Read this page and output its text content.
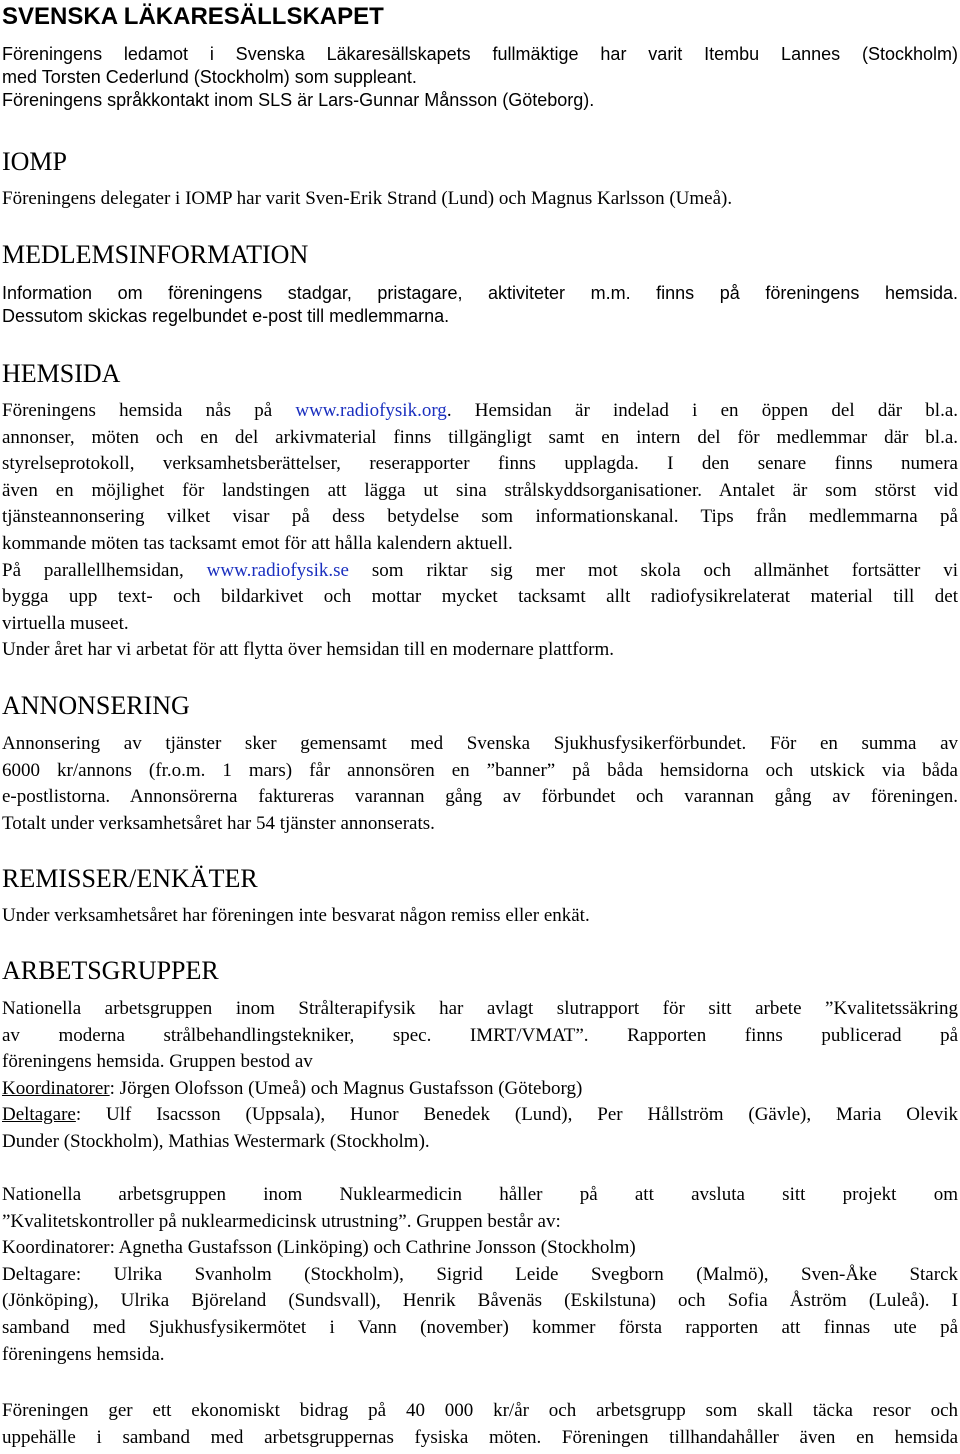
SVENSKA LÄKARESÄLLSKAPET
Föreningens ledamot i Svenska Läkaresällskapets fullmäktige har varit Itembu Lannes (Stockholm)
med Torsten Cederlund (Stockholm) som suppleant.
Föreningens språkkontakt inom SLS är Lars-Gunnar Månsson (Göteborg).
IOMP
Föreningens delegater i IOMP har varit Sven-Erik Strand (Lund) och Magnus Karlsson (Umeå).
MEDLEMSINFORMATION
Information om föreningens stadgar, pristagare, aktiviteter m.m. finns på föreningens hemsida.
Dessutom skickas regelbundet e-post till medlemmarna.
HEMSIDA
Föreningens hemsida nås på www.radiofysik.org. Hemsidan är indelad i en öppen del där bl.a.
annonser, möten och en del arkivmaterial finns tillgängligt samt en intern del för medlemmar där bl.a.
styrelseprotokoll, verksamhetsberättelser, reserapporter finns upplagda. I den senare finns numera
även en möjlighet för landstingen att lägga ut sina strålskyddsorganisationer. Antalet är som störst vid
tjänsteannonsering vilket visar på dess betydelse som informationskanal. Tips från medlemmarna på
kommande möten tas tacksamt emot för att hålla kalendern aktuell.
På parallellhemsidan, www.radiofysik.se som riktar sig mer mot skola och allmänhet fortsätter vi
bygga upp text- och bildarkivet och mottar mycket tacksamt allt radiofysikrelaterat material till det
virtuella museet.
Under året har vi arbetat för att flytta över hemsidan till en modernare plattform.
ANNONSERING
Annonsering av tjänster sker gemensamt med Svenska Sjukhusfysikerförbundet. För en summa av
6000 kr/annons (fr.o.m. 1 mars) får annonsören en ”banner” på båda hemsidorna och utskick via båda
e-postlistorna. Annonsörerna faktureras varannan gång av förbundet och varannan gång av föreningen.
Totalt under verksamhetsåret har 54 tjänster annonserats.
REMISSER/ENKÄTER
Under verksamhetsåret har föreningen inte besvarat någon remiss eller enkät.
ARBETSGRUPPER
Nationella arbetsgruppen inom Strålterapifysik har avlagt slutrapport för sitt arbete ”Kvalitetssäkring
av moderna strålbehandlingstekniker, spec. IMRT/VMAT”. Rapporten finns publicerad på
föreningens hemsida. Gruppen bestod av
Koordinatorer: Jörgen Olofsson (Umeå) och Magnus Gustafsson (Göteborg)
Deltagare: Ulf Isacsson (Uppsala), Hunor Benedek (Lund), Per Hållström (Gävle), Maria Olevik
Dunder (Stockholm), Mathias Westermark (Stockholm).
Nationella arbetsgruppen inom Nuklearmedicin håller på att avsluta sitt projekt om
”Kvalitetskontroller på nuklearmedicinsk utrustning”. Gruppen består av:
Koordinatorer: Agnetha Gustafsson (Linköping) och Cathrine Jonsson (Stockholm)
Deltagare: Ulrika Svanholm (Stockholm), Sigrid Leide Svegborn (Malmö), Sven-Åke Starck
(Jönköping), Ulrika Björeland (Sundsvall), Henrik Båvenäs (Eskilstuna) och Sofia Åström (Luleå). I
samband med Sjukhusfysikermötet i Vann (november) kommer första rapporten att finnas ute på
föreningens hemsida.
Föreningen ger ett ekonomiskt bidrag på 40 000 kr/år och arbetsgrupp som skall täcka resor och
uppehälle i samband med arbetsgruppernas fysiska möten. Föreningen tillhandahåller även en hemsida
